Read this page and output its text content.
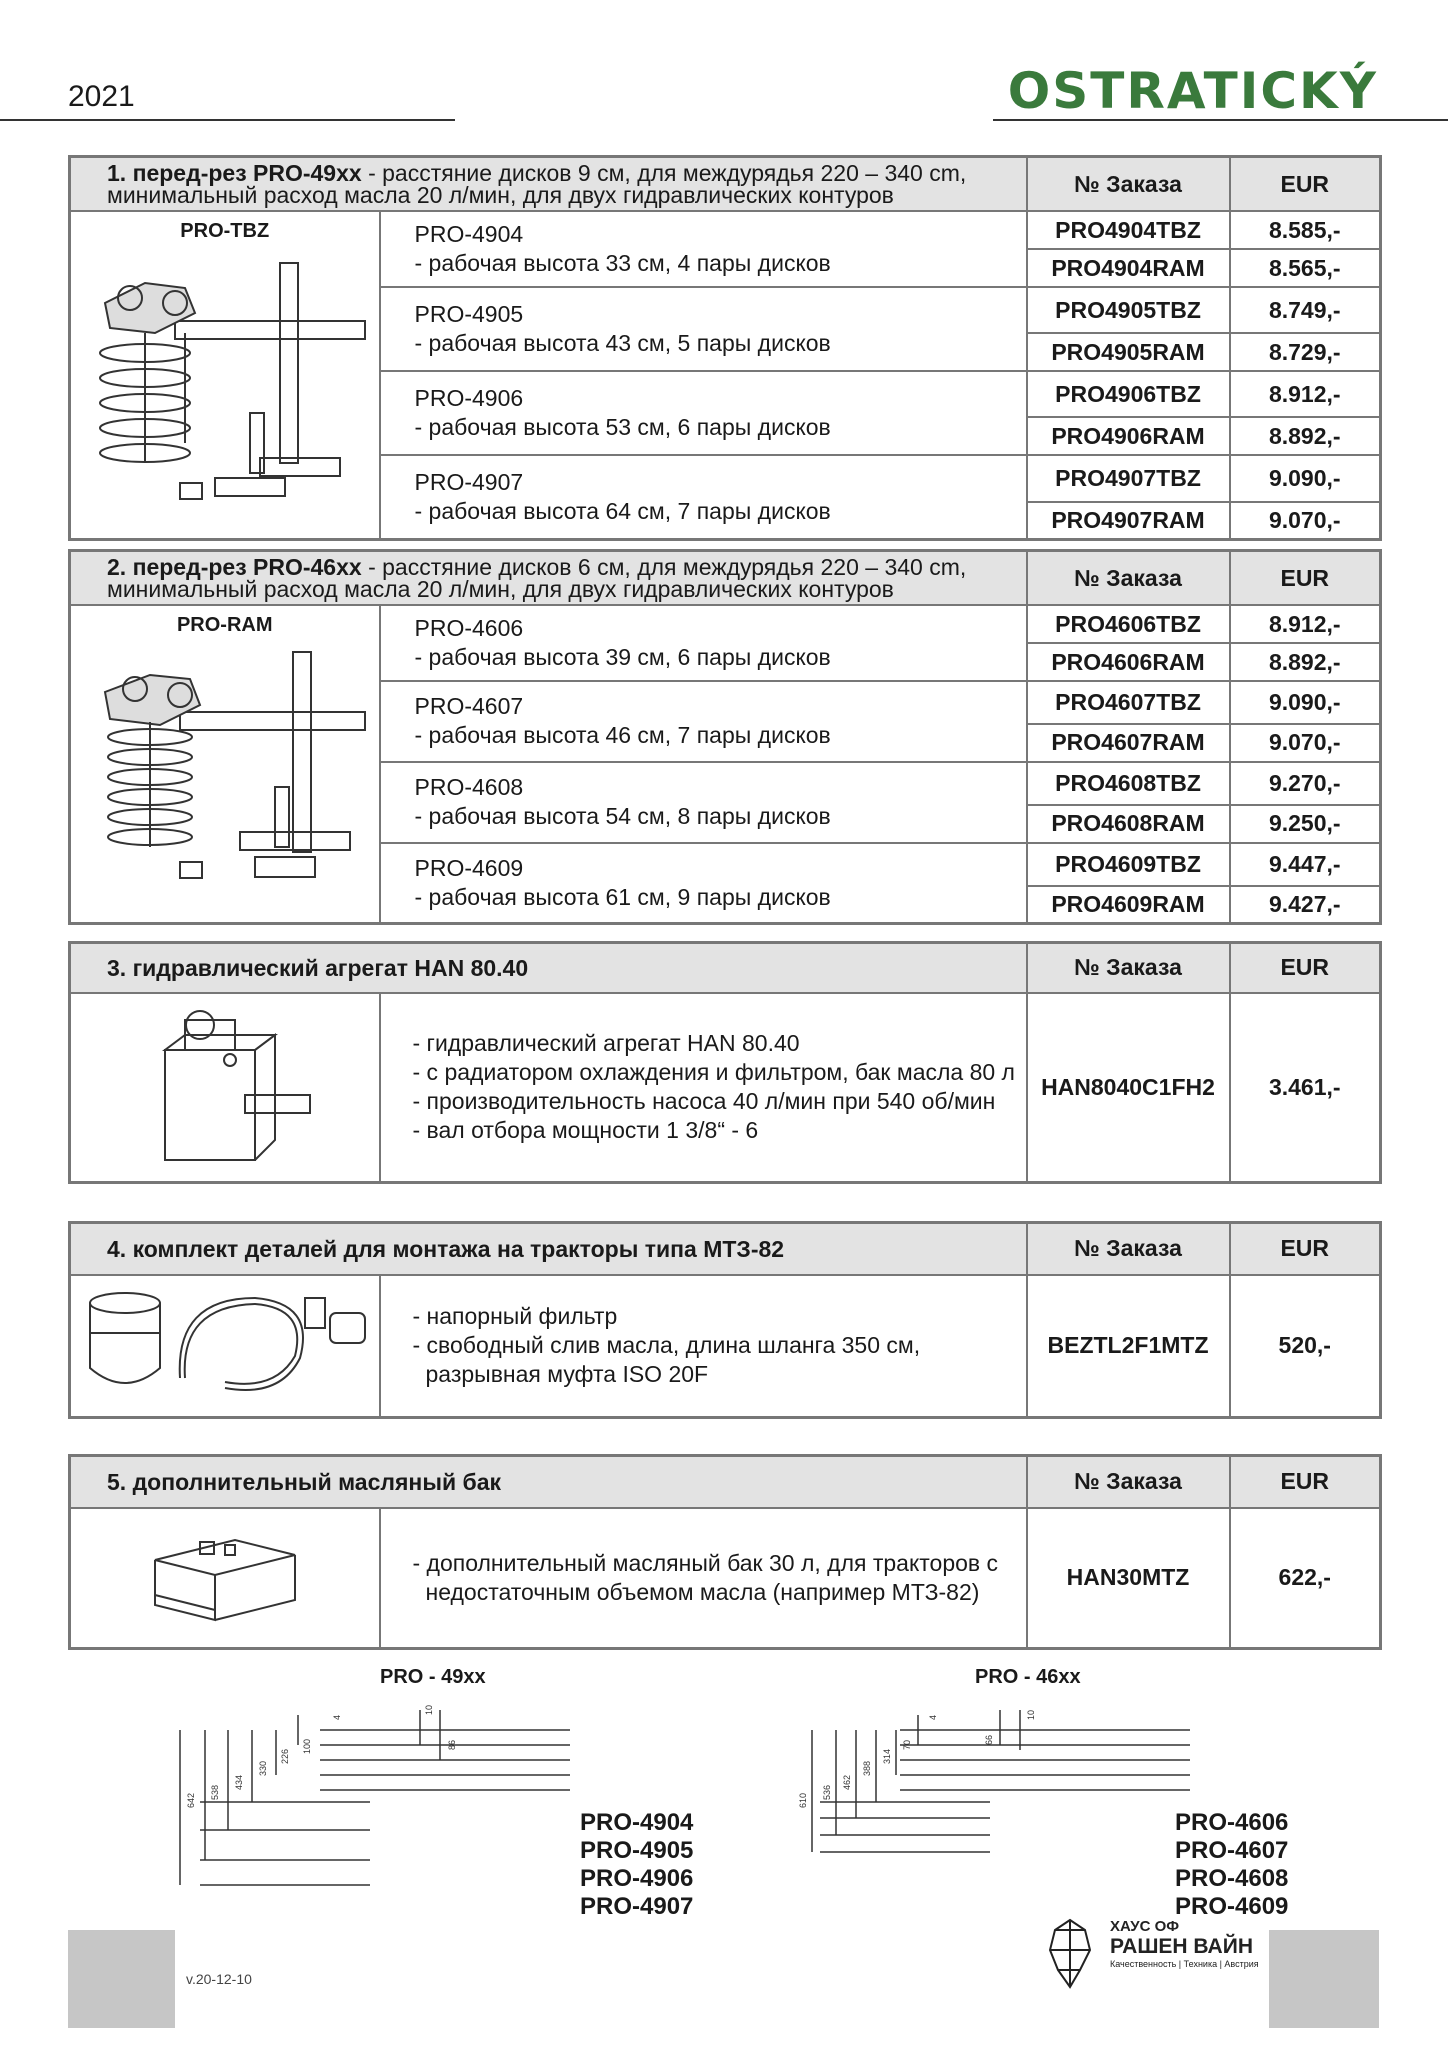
2021	OSTRATICKÝ
1. перед-рез PRO-49xx - расстяние дисков 9 см, для междурядья 220 – 340 cm, минимальный расход масла 20 л/мин, для двух гидравлических контуров		№ Заказа	EUR

PRO-TBZ	PRO-4904
- рабочая высота 33 см, 4 пары дисков	PRO4904TBZ	8.585,-
		PRO4904RAM	8.565,-

	PRO-4905
- рабочая высота 43 см, 5 пары дисков	PRO4905TBZ	8.749,-
		PRO4905RAM	8.729,-

	PRO-4906
- рабочая высота 53 см, 6 пары дисков	PRO4906TBZ	8.912,-
		PRO4906RAM	8.892,-

	PRO-4907
- рабочая высота 64 см, 7 пары дисков	PRO4907TBZ	9.090,-
		PRO4907RAM	9.070,-
2. перед-рез PRO-46xx - расстяние дисков 6 см, для междурядья 220 – 340 cm, минимальный расход масла 20 л/мин, для двух гидравлических контуров		№ Заказа	EUR

PRO-RAM	PRO-4606
- рабочая высота 39 см, 6 пары дисков	PRO4606TBZ	8.912,-
		PRO4606RAM	8.892,-

	PRO-4607
- рабочая высота 46 см, 7 пары дисков	PRO4607TBZ	9.090,-
		PRO4607RAM	9.070,-

	PRO-4608
- рабочая высота 54 см, 8 пары дисков	PRO4608TBZ	9.270,-
		PRO4608RAM	9.250,-

	PRO-4609
- рабочая высота 61 см, 9 пары дисков	PRO4609TBZ	9.447,-
		PRO4609RAM	9.427,-
3. гидравлический агрегат HAN 80.40		№ Заказа	EUR

- гидравлический агрегат HAN 80.40
- с радиатором охлаждения и фильтром, бак масла 80 л
- производительность насоса 40 л/мин при 540 об/мин
- вал отбора мощности 1 3/8“ - 6	HAN8040C1FH2	3.461,-
4. комплект деталей для монтажа на тракторы типа МТЗ-82		№ Заказа	EUR

- напорный фильтр
- свободный слив масла, длина шланга 350 см, разрывная муфта ISO 20F	BEZTL2F1MTZ	520,-
5. дополнительный масляный бак		№ Заказа	EUR

- дополнительный масляный бак 30 л, для тракторов с недостаточным объемом масла (например МТЗ-82)	HAN30MTZ	622,-
PRO - 49xx
642
538
434
330
226
100
4
10
86
PRO-4904
PRO-4905
PRO-4906
PRO-4907
PRO - 46xx
610
536
462
388
314
70
4
66
10
PRO-4606
PRO-4607
PRO-4608
PRO-4609
v.20-12-10
ХАУС ОФ
РАШЕН ВАЙН
Качественность | Техника | Австрия
